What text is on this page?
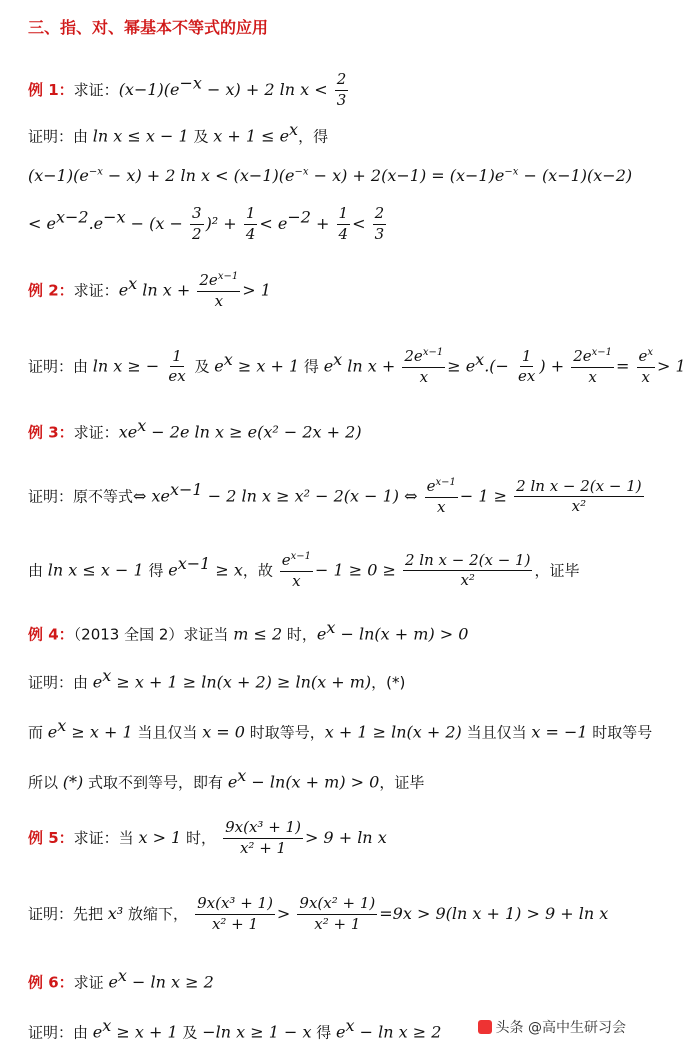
三、指、对、幂基本不等式的应用
例 1：求证：$(x-1)(e^{-x} - x) + 2$ $\ln x < \frac{2}{3}$
证明：由 ln x ≤ x − 1 及 $x + 1 \le e^x$，得
$(x-1)(e^{-x} - x) + 2$ $\ln x < (x-1)(e^{-x} - x) + 2(x-1) = (x-1)e^{-x} - (x-1)(x-2)$
< $e^{x-2}.e^{-x} - (x - \frac{3}{2} )^2 + \frac{1}{4} < e^{-2} + \frac{1}{4} < \frac{2}{3}$
例 2：求证：$e^x$ $\ln x + \frac{2e^{x-1}}{x} > 1$
证明：由 ln x ≥ − $\frac{1}{ex}$ 及 $e^x \ge x + 1$ 得 $e^x$ $\ln x + \frac{2e^{x-1}}{x} \ge e^x.(- \frac{1}{ex}$ ) + $\frac{2e^{x-1}}{x} = \frac{e^x}{x} > 1$
例 3：求证：$xe^x - 2e$ ln x ≥ e(x² − 2x + 2)
证明：原不等式⇔ $xe^{x-1} - 2$ ln x ≥ x² − 2(x − 1) ⇔ $\frac{e^{x-1}}{x} - 1 \ge \frac{\text{2 ln x − 2(x − 1)}}{\text{x²}}$
由 ln x ≤ x − 1 得 $e^{x-1} \ge x$，故 $\frac{e^{x-1}}{x} - 1 \ge 0 \ge \frac{\text{2 ln x − 2(x − 1)}}{\text{x²}}$ ，证毕
例 4：（2013 全国 2）求证当 m ≤ 2 时，$e^x - \ln(x + m) > 0$
证明：由 $e^x \ge x + 1 \ge \ln(x + 2) \ge \ln(x + m)$，(*)
而 $e^x \ge x + 1$ 当且仅当 x = 0 时取等号，x + 1 ≥ ln(x + 2) 当且仅当 x = −1 时取等号
所以 (*) 式取不到等号，即有 $e^x - \ln(x + m) > 0$，证毕
例 5：求证：当 x > 1 时， $\frac{\text{9x(x³ + 1)}}{\text{x² + 1}} > 9 + \ln x$
证明：先把 x³ 放缩下， $\frac{\text{9x(x³ + 1)}}{\text{x² + 1}} > \frac{\text{9x(x² + 1)}}{\text{x² + 1}} =9x > 9(\ln$ x + 1) > 9 + ln x
例 6：求证 $e^x - \ln x \ge 2$
证明：由 $e^x \ge x + 1$ 及 −ln x ≥ 1 − x 得 $e^x - \ln x \ge 2$	头条 @高中生研习会
